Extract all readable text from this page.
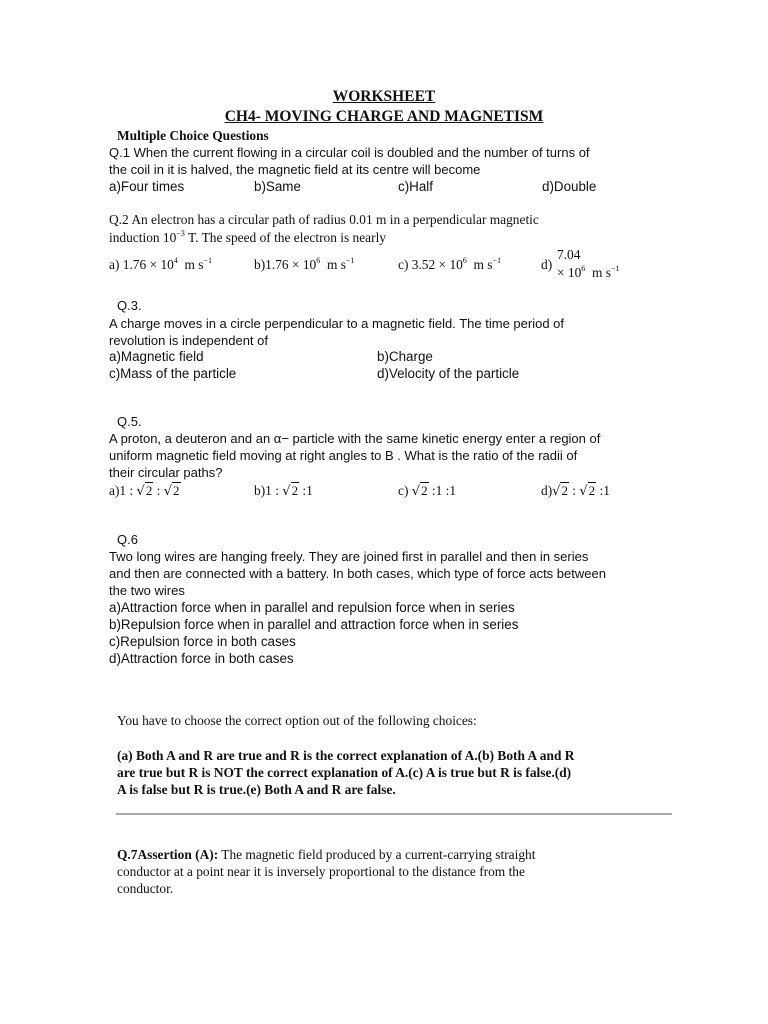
WORKSHEET
CH4- MOVING CHARGE AND MAGNETISM
Multiple Choice Questions
Q.1 When the current flowing in a circular coil is doubled and the number of turns of
the coil in it is halved, the magnetic field at its centre will become
a)Four times	b)Same	c)Half	d)Double
Q.2 An electron has a circular path of radius 0.01 m in a perpendicular magnetic
induction $10^{-3}$ T. The speed of the electron is nearly
a) $1.76 \times 10^4$ m $s^{-1}$	$b)1.76 \times 10^6$ m $s^{-1}$	c) $3.52 \times 10^6$ m $s^{-1}$	d)
7.04
× $10^6$ m $s^{-1}$
Q.3.
A charge moves in a circle perpendicular to a magnetic field. The time period of
revolution is independent of
a)Magnetic field	b)Charge
c)Mass of the particle	d)Velocity of the particle
Q.5.
A proton, a deuteron and an α− particle with the same kinetic energy enter a region of
uniform magnetic field moving at right angles to B . What is the ratio of the radii of
their circular paths?
a)1 : √2 : √2	b)1 : √2 :1	c) √2 :1 :1	d)√2 : √2 :1
Q.6
Two long wires are hanging freely. They are joined first in parallel and then in series
and then are connected with a battery. In both cases, which type of force acts between
the two wires
a)Attraction force when in parallel and repulsion force when in series
b)Repulsion force when in parallel and attraction force when in series
c)Repulsion force in both cases
d)Attraction force in both cases
You have to choose the correct option out of the following choices:
(a) Both A and R are true and R is the correct explanation of A.(b) Both A and R
are true but R is NOT the correct explanation of A.(c) A is true but R is false.(d)
A is false but R is true.(e) Both A and R are false.
Q.7Assertion (A): The magnetic field produced by a current-carrying straight
conductor at a point near it is inversely proportional to the distance from the
conductor.
